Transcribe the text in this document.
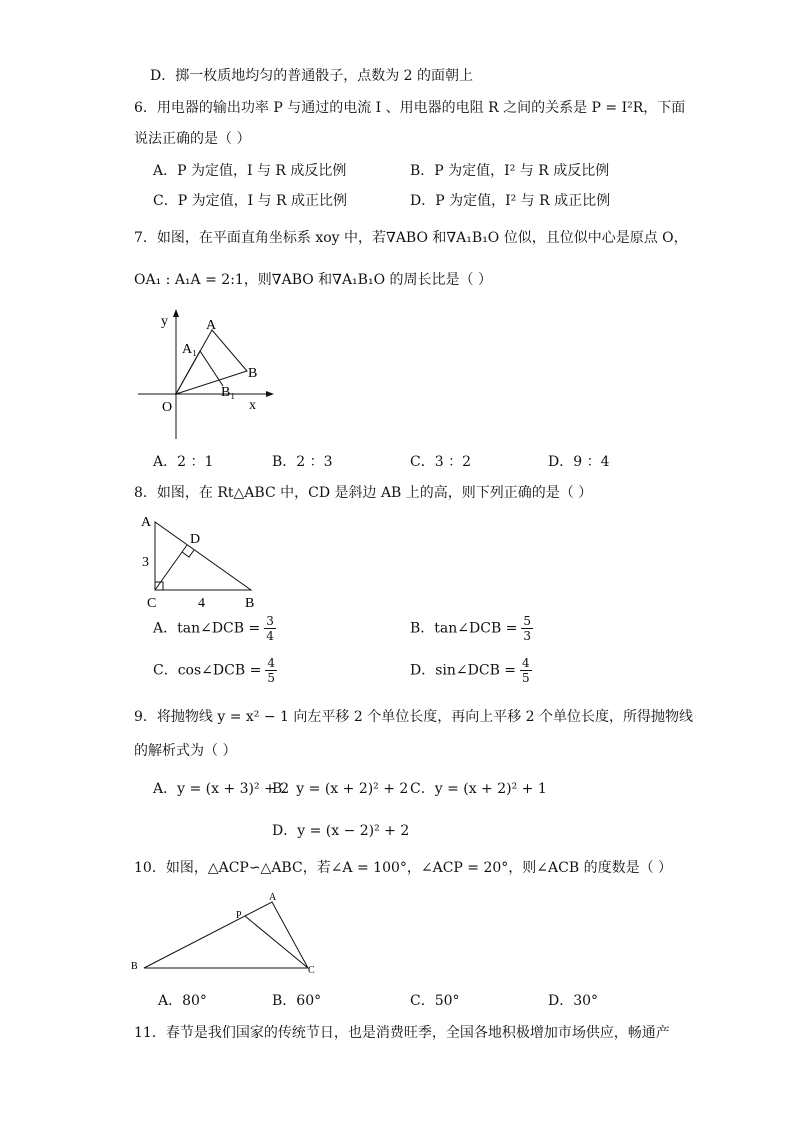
D．掷一枚质地均匀的普通骰子，点数为 2 的面朝上
6．用电器的输出功率 P 与通过的电流 I 、用电器的电阻 R 之间的关系是 P = I²R，下面
说法正确的是（ ）
A．P 为定值，I 与 R 成反比例	B．P 为定值，I² 与 R 成反比例
C．P 为定值，I 与 R 成正比例	D．P 为定值，I² 与 R 成正比例
7．如图，在平面直角坐标系 xoy 中，若∇ABO 和∇A₁B₁O 位似，且位似中心是原点 O，
OA₁ : A₁A = 2:1，则∇ABO 和∇A₁B₁O 的周长比是（ ）
y
x
O
A
A₁
B
B₁
A．2 ：1	B．2 ：3	C．3 ：2	D．9 ：4
8．如图，在 Rt△ABC 中，CD 是斜边 AB 上的高，则下列正确的是（ ）
A
D
3
C	4	B
A．tan∠DCB = $\frac{3}{4}$	B．tan∠DCB = $\frac{5}{3}$
C．cos∠DCB = $\frac{4}{5}$	D．sin∠DCB = $\frac{4}{5}$
9．将抛物线 y = x² − 1 向左平移 2 个单位长度，再向上平移 2 个单位长度，所得抛物线
的解析式为（ ）
A．y = (x + 3)² + 2
B．y = (x + 2)² + 2 C．y = (x + 2)² + 1
D．y = (x − 2)² + 2
10．如图，△ACP∽△ABC，若∠A = 100°，∠ACP = 20°，则∠ACB 的度数是（ ）
A
P
B	C
A．80°	B．60°	C．50°	D．30°
11．春节是我们国家的传统节日，也是消费旺季，全国各地积极增加市场供应，畅通产
